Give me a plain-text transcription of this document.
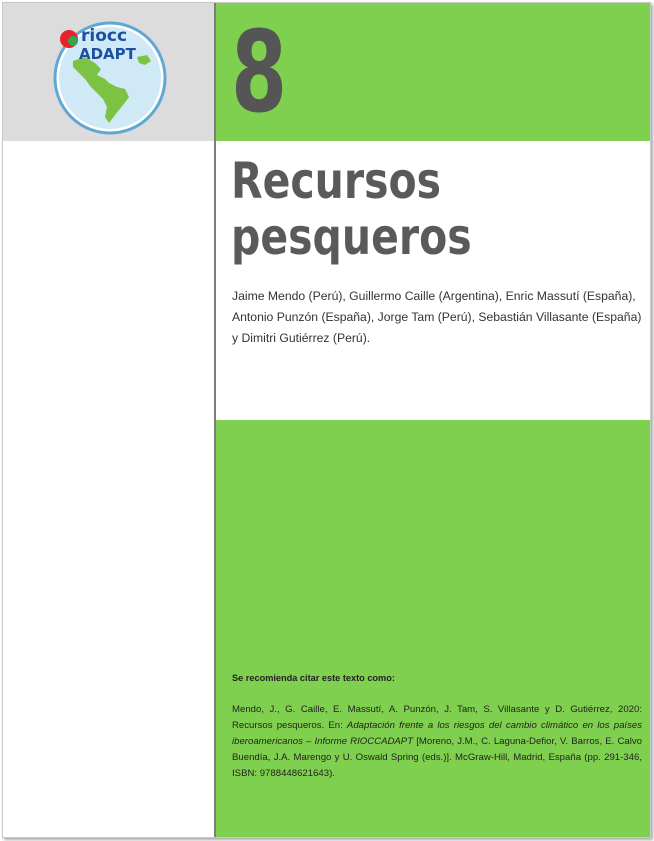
riocc
ADAPT 8
Recursos
pesqueros
Jaime Mendo (Perú), Guillermo Caille (Argentina), Enric Massutí (España),
Antonio Punzón (España), Jorge Tam (Perú), Sebastián Villasante (España)
y Dimitri Gutiérrez (Perú).
Se recomienda citar este texto como:
Mendo, J., G. Caille, E. Massutí, A. Punzón, J. Tam, S. Villasante y D. Gutiérrez, 2020: Recursos pesqueros. En: Adaptación frente a los riesgos del cambio climático en los países iberoamericanos – Informe RIOCCADAPT [Moreno, J.M., C. Laguna-Defior, V. Barros, E. Calvo Buendía, J.A. Marengo y U. Oswald Spring (eds.)]. McGraw-Hill, Madrid, España (pp. 291-346, ISBN: 9788448621643).
